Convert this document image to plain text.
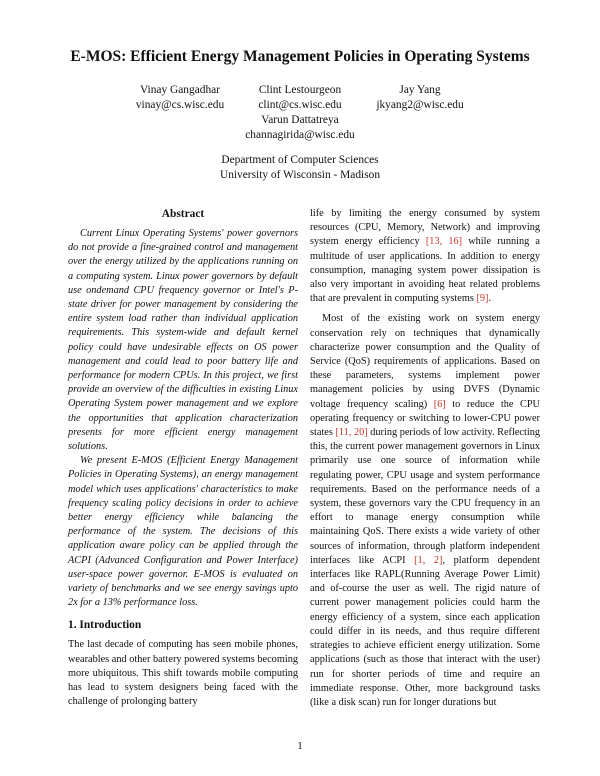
E-MOS: Efficient Energy Management Policies in Operating Systems
Vinay Gangadhar
vinay@cs.wisc.edu
Clint Lestourgeon
clint@cs.wisc.edu
Jay Yang
jkyang2@wisc.edu
Varun Dattatreya
channagirida@wisc.edu
Department of Computer Sciences
University of Wisconsin - Madison
Abstract

Current Linux Operating Systems' power governors do not provide a fine-grained control and management over the energy utilized by the applications running on a computing system. Linux power governors by default use ondemand CPU frequency governor or Intel's P-state driver for power management by considering the entire system load rather than individual application requirements. This system-wide and default kernel policy could have undesirable effects on OS power management and could lead to poor battery life and performance for modern CPUs. In this project, we first provide an overview of the difficulties in existing Linux Operating System power management and we explore the opportunities that application characterization presents for more efficient energy management solutions.

We present E-MOS (Efficient Energy Management Policies in Operating Systems), an energy management model which uses applications' characteristics to make frequency scaling policy decisions in order to achieve better energy efficiency while balancing the performance of the system. The decisions of this application aware policy can be applied through the ACPI (Advanced Configuration and Power Interface) user-space power governor. E-MOS is evaluated on variety of benchmarks and we see energy savings upto 2x for a 13% performance loss.

1. Introduction

The last decade of computing has seen mobile phones, wearables and other battery powered systems becoming more ubiquitous. This shift towards mobile computing has lead to system designers being faced with the challenge of prolonging battery

life by limiting the energy consumed by system resources (CPU, Memory, Network) and improving system energy efficiency [13, 16] while running a multitude of user applications. In addition to energy consumption, managing system power dissipation is also very important in avoiding heat related problems that are prevalent in computing systems [9].

Most of the existing work on system energy conservation rely on techniques that dynamically characterize power consumption and the Quality of Service (QoS) requirements of applications. Based on these parameters, systems implement power management policies by using DVFS (Dynamic voltage frequency scaling) [6] to reduce the CPU operating frequency or switching to lower-CPU power states [11, 20] during periods of low activity. Reflecting this, the current power management governors in Linux primarily use one source of information while regulating power, CPU usage and system performance requirements. Based on the performance needs of a system, these governors vary the CPU frequency in an effort to manage energy consumption while maintaining QoS. There exists a wide variety of other sources of information, through platform independent interfaces like ACPI [1, 2], platform dependent interfaces like RAPL(Running Average Power Limit) and of-course the user as well. The rigid nature of current power management policies could harm the energy efficiency of a system, since each application could differ in its needs, and thus require different strategies to achieve efficient energy utilization. Some applications (such as those that interact with the user) run for shorter periods of time and require an immediate response. Other, more background tasks (like a disk scan) run for longer durations but

1
